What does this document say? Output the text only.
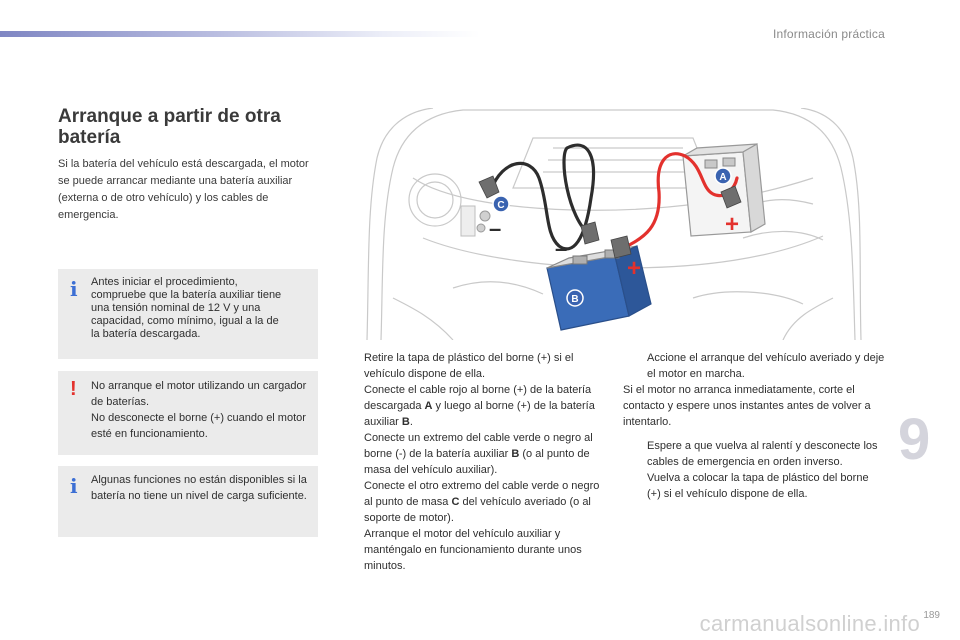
Información práctica
Arranque a partir de otra
batería

Si la batería del vehículo está descargada, el motor se puede arrancar mediante una batería auxiliar (externa o de otro vehículo) y los cables de emergencia.

i Antes iniciar el procedimiento,

compruebe que la batería auxiliar tiene

una tensión nominal de 12 V y una

capacidad, como mínimo, igual a la de

la batería descargada.

! No arranque el motor utilizando un cargador de baterías.

No desconecte el borne (+) cuando el motor esté en funcionamiento.

i Algunas funciones no están disponibles si la batería no tiene un nivel de carga suficiente.

+
+
–
–
A
B
C
Retire la tapa de plástico del borne (+) si el vehículo dispone de ella.
Conecte el cable rojo al borne (+) de la batería descargada A y luego al borne (+) de la batería auxiliar B.
Conecte un extremo del cable verde o negro al borne (-) de la batería auxiliar B (o al punto de masa del vehículo auxiliar).
Conecte el otro extremo del cable verde o negro al punto de masa C del vehículo averiado (o al soporte de motor).
Arranque el motor del vehículo auxiliar y manténgalo en funcionamiento durante unos minutos.
Accione el arranque del vehículo averiado y deje el motor en marcha.

Si el motor no arranca inmediatamente, corte el contacto y espere unos instantes antes de volver a intentarlo.

Espere a que vuelva al ralentí y desconecte los cables de emergencia en orden inverso.
Vuelva a colocar la tapa de plástico del borne (+) si el vehículo dispone de ella.
9
carmanualsonline.info 189
